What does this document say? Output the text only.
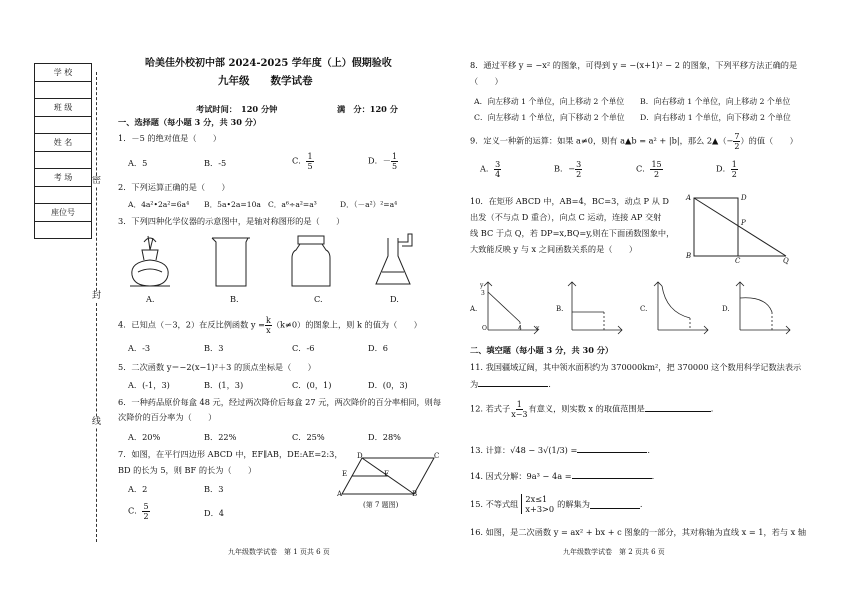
学 校

班 级

姓 名

考 场

座位号

密
封
线
哈美佳外校初中部 2024-2025 学年度（上）假期验收
九年级　　数学试卷
考试时间：　120 分钟	满　分：120 分
一、选择题（每小题 3 分，共 30 分）
1．－5 的绝对值是（　　）
A．5	B．-5	C． $\frac{1}{5}$	D．－ $\frac{1}{5}$
2．下列运算正确的是（　　）
A．4a²•2a²=6a⁴ B．5a•2a=10a C．a⁶÷a²=a³	D．（－a²）²=a⁴
3．下列四种化学仪器的示意图中，是轴对称图形的是（　　）
A.	B.	C.	D.
4．已知点（－3，2）在反比例函数 $y = \frac{k}{x} (k\ne 0)$的图象上，则 k 的值为（　　）
A．-3	B．3	C．-6	D．6
5．二次函数 y＝−2(x−1)²＋3 的顶点坐标是（　　）
A．(-1，3)	B．(1，3)	C．(0，1)	D．(0，3)
6．一种药品原价每盒 48 元，经过两次降价后每盒 27 元，两次降价的百分率相同，则每
次降价的百分率为（　　）
A．20%	B．22%	C．25%	D．28%
7．如图，在平行四边形 ABCD 中，EF∥AB，DE:AE=2:3，
BD 的长为 5，则 BF 的长为（　　）
A．2	B．3
C． $\frac{5}{2}$	D．4
D	C
E	F
A	B
(第 7 题图)
8．通过平移 y = −x² 的图象，可得到 y = −(x+1)² − 2 的图象，下列平移方法正确的是
（　　）
A．向左移动 1 个单位，向上移动 2 个单位 B．向右移动 1 个单位，向上移动 2 个单位
C．向左移动 1 个单位，向下移动 2 个单位 D．向右移动 1 个单位，向下移动 2 个单位
9．定义一种新的运算：如果 a≠0，则有 a▲b = a² + |b|，那么 2▲（− $\frac{7}{2}$ ）的值（　　）
A． $\frac{3}{4}$	B．− $\frac{3}{2}$	C． $\frac{15}{2}$	D． $\frac{1}{2}$
10．在矩形 ABCD 中，AB=4，BC=3，动点 P 从 D
出发（不与点 D 重合），向点 C 运动，连接 AP 交射
线 BC 于点 Q，若 DP=x,BQ=y,则在下面函数图象中，
大致能反映 y 与 x 之间函数关系的是（　　）
A	D
P
B
C	Q
A.	B.	C.	D.
O	4 x
y
3
二、填空题（每小题 3 分，共 30 分）
11. 我国疆域辽阔，其中领水面积约为 370000km²，把 370000 这个数用科学记数法表示
为	.
12. 若式子 $\frac{1}{x-3}$ 有意义，则实数 x 的取值范围是	.
13. 计算：√48 − 3√(1/3) =	.
14. 因式分解：9a³ − 4a =	.
15. 不等式组 2x≤1
x+3>0
的解集为	.
16. 如图，是二次函数 y = ax² + bx + c 图象的一部分，其对称轴为直线 x = 1，若与 x 轴
九年级数学试卷　第 1 页共 6 页	九年级数学试卷　第 2 页共 6 页
